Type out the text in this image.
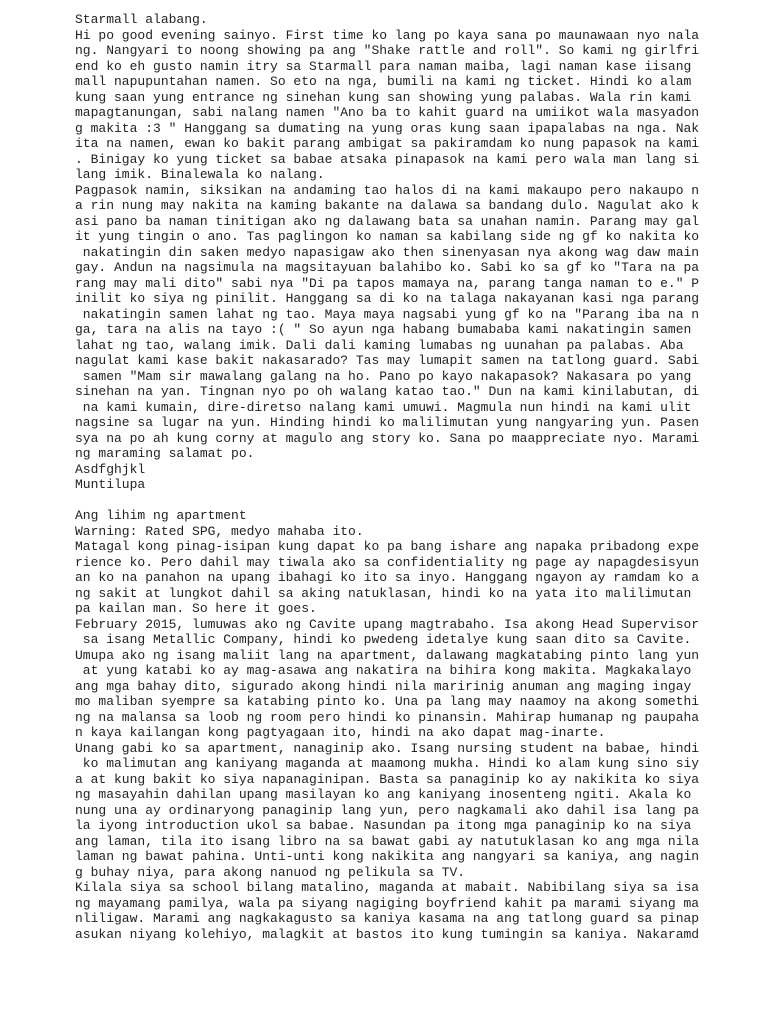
Starmall alabang.
Hi po good evening sainyo. First time ko lang po kaya sana po maunawaan nyo nala
ng. Nangyari to noong showing pa ang "Shake rattle and roll". So kami ng girlfri
end ko eh gusto namin itry sa Starmall para naman maiba, lagi naman kase iisang
mall napupuntahan namen. So eto na nga, bumili na kami ng ticket. Hindi ko alam
kung saan yung entrance ng sinehan kung san showing yung palabas. Wala rin kami
mapagtanungan, sabi nalang namen "Ano ba to kahit guard na umiikot wala masyadon
g makita :3 " Hanggang sa dumating na yung oras kung saan ipapalabas na nga. Nak
ita na namen, ewan ko bakit parang ambigat sa pakiramdam ko nung papasok na kami
. Binigay ko yung ticket sa babae atsaka pinapasok na kami pero wala man lang si
lang imik. Binalewala ko nalang.
Pagpasok namin, siksikan na andaming tao halos di na kami makaupo pero nakaupo n
a rin nung may nakita na kaming bakante na dalawa sa bandang dulo. Nagulat ako k
asi pano ba naman tinitigan ako ng dalawang bata sa unahan namin. Parang may gal
it yung tingin o ano. Tas paglingon ko naman sa kabilang side ng gf ko nakita ko
nakatingin din saken medyo napasigaw ako then sinenyasan nya akong wag daw main
gay. Andun na nagsimula na magsitayuan balahibo ko. Sabi ko sa gf ko "Tara na pa
rang may mali dito" sabi nya "Di pa tapos mamaya na, parang tanga naman to e." P
inilit ko siya ng pinilit. Hanggang sa di ko na talaga nakayanan kasi nga parang
nakatingin samen lahat ng tao. Maya maya nagsabi yung gf ko na "Parang iba na n
ga, tara na alis na tayo :( " So ayun nga habang bumababa kami nakatingin samen
lahat ng tao, walang imik. Dali dali kaming lumabas ng uunahan pa palabas. Aba
nagulat kami kase bakit nakasarado? Tas may lumapit samen na tatlong guard. Sabi
samen "Mam sir mawalang galang na ho. Pano po kayo nakapasok? Nakasara po yang
sinehan na yan. Tingnan nyo po oh walang katao tao." Dun na kami kinilabutan, di
na kami kumain, dire-diretso nalang kami umuwi. Magmula nun hindi na kami ulit
nagsine sa lugar na yun. Hinding hindi ko malilimutan yung nangyaring yun. Pasen
sya na po ah kung corny at magulo ang story ko. Sana po maappreciate nyo. Marami
ng maraming salamat po.
Asdfghjkl
Muntilupa
Ang lihim ng apartment
Warning: Rated SPG, medyo mahaba ito.
Matagal kong pinag-isipan kung dapat ko pa bang ishare ang napaka pribadong expe
rience ko. Pero dahil may tiwala ako sa confidentiality ng page ay napagdesisyun
an ko na panahon na upang ibahagi ko ito sa inyo. Hanggang ngayon ay ramdam ko a
ng sakit at lungkot dahil sa aking natuklasan, hindi ko na yata ito malilimutan
pa kailan man. So here it goes.
February 2015, lumuwas ako ng Cavite upang magtrabaho. Isa akong Head Supervisor
sa isang Metallic Company, hindi ko pwedeng idetalye kung saan dito sa Cavite.
Umupa ako ng isang maliit lang na apartment, dalawang magkatabing pinto lang yun
at yung katabi ko ay mag-asawa ang nakatira na bihira kong makita. Magkakalayo
ang mga bahay dito, sigurado akong hindi nila maririnig anuman ang maging ingay
mo maliban syempre sa katabing pinto ko. Una pa lang may naamoy na akong somethi
ng na malansa sa loob ng room pero hindi ko pinansin. Mahirap humanap ng paupaha
n kaya kailangan kong pagtyagaan ito, hindi na ako dapat mag-inarte.
Unang gabi ko sa apartment, nanaginip ako. Isang nursing student na babae, hindi
ko malimutan ang kaniyang maganda at maamong mukha. Hindi ko alam kung sino siy
a at kung bakit ko siya napanaginipan. Basta sa panaginip ko ay nakikita ko siya
ng masayahin dahilan upang masilayan ko ang kaniyang inosenteng ngiti. Akala ko
nung una ay ordinaryong panaginip lang yun, pero nagkamali ako dahil isa lang pa
la iyong introduction ukol sa babae. Nasundan pa itong mga panaginip ko na siya
ang laman, tila ito isang libro na sa bawat gabi ay natutuklasan ko ang mga nila
laman ng bawat pahina. Unti-unti kong nakikita ang nangyari sa kaniya, ang nagin
g buhay niya, para akong nanuod ng pelikula sa TV.
Kilala siya sa school bilang matalino, maganda at mabait. Nabibilang siya sa isa
ng mayamang pamilya, wala pa siyang nagiging boyfriend kahit pa marami siyang ma
nliligaw. Marami ang nagkakagusto sa kaniya kasama na ang tatlong guard sa pinap
asukan niyang kolehiyo, malagkit at bastos ito kung tumingin sa kaniya. Nakaramd
